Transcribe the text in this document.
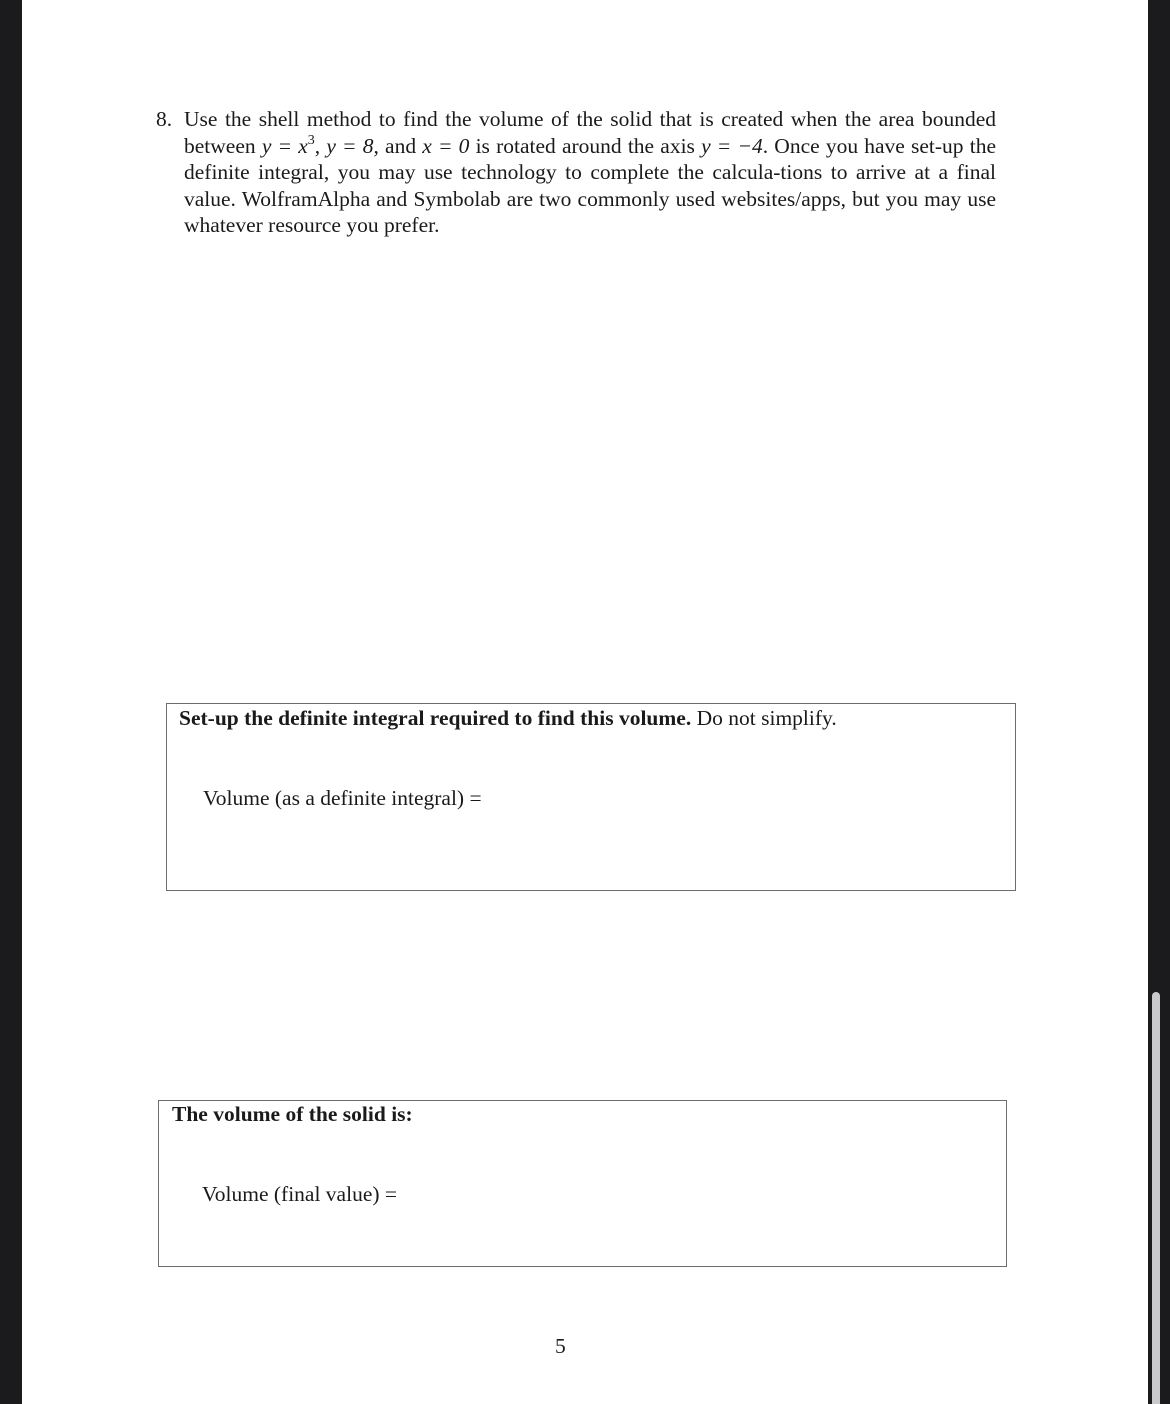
8. Use the shell method to find the volume of the solid that is created when the area bounded between $y = x^3$, y = 8, and x = 0 is rotated around the axis y = −4. Once you have set-up the definite integral, you may use technology to complete the calcula-tions to arrive at a final value. WolframAlpha and Symbolab are two commonly used websites/apps, but you may use whatever resource you prefer.
Set-up the definite integral required to find this volume. Do not simplify.
Volume (as a definite integral) =
The volume of the solid is:
Volume (final value) =
5
